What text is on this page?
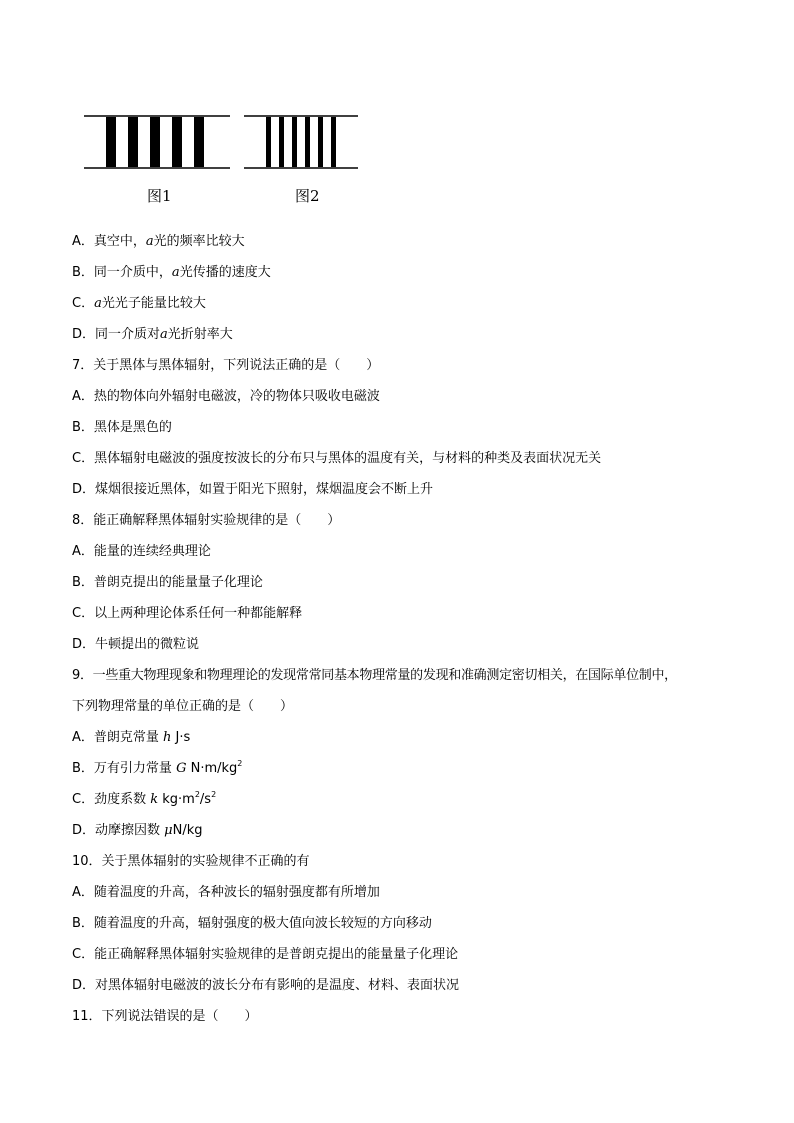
图1	图2
A．真空中，a光的频率比较大
B．同一介质中，a光传播的速度大
C．a光光子能量比较大
D．同一介质对a光折射率大
7．关于黑体与黑体辐射，下列说法正确的是（　　）
A．热的物体向外辐射电磁波，冷的物体只吸收电磁波
B．黑体是黑色的
C．黑体辐射电磁波的强度按波长的分布只与黑体的温度有关，与材料的种类及表面状况无关
D．煤烟很接近黑体，如置于阳光下照射，煤烟温度会不断上升
8．能正确解释黑体辐射实验规律的是（　　）
A．能量的连续经典理论
B．普朗克提出的能量量子化理论
C．以上两种理论体系任何一种都能解释
D．牛顿提出的微粒说
9．一些重大物理现象和物理理论的发现常常同基本物理常量的发现和准确测定密切相关，在国际单位制中，
下列物理常量的单位正确的是（　　）
A．普朗克常量 h J·s
B．万有引力常量 G $N\cdot m/kg^2$
C．劲度系数 k $kg\cdot m^2/s^2$
D．动摩擦因数 μN/kg
10．关于黑体辐射的实验规律不正确的有
A．随着温度的升高，各种波长的辐射强度都有所增加
B．随着温度的升高，辐射强度的极大值向波长较短的方向移动
C．能正确解释黑体辐射实验规律的是普朗克提出的能量量子化理论
D．对黑体辐射电磁波的波长分布有影响的是温度、材料、表面状况
11．下列说法错误的是（　　）
